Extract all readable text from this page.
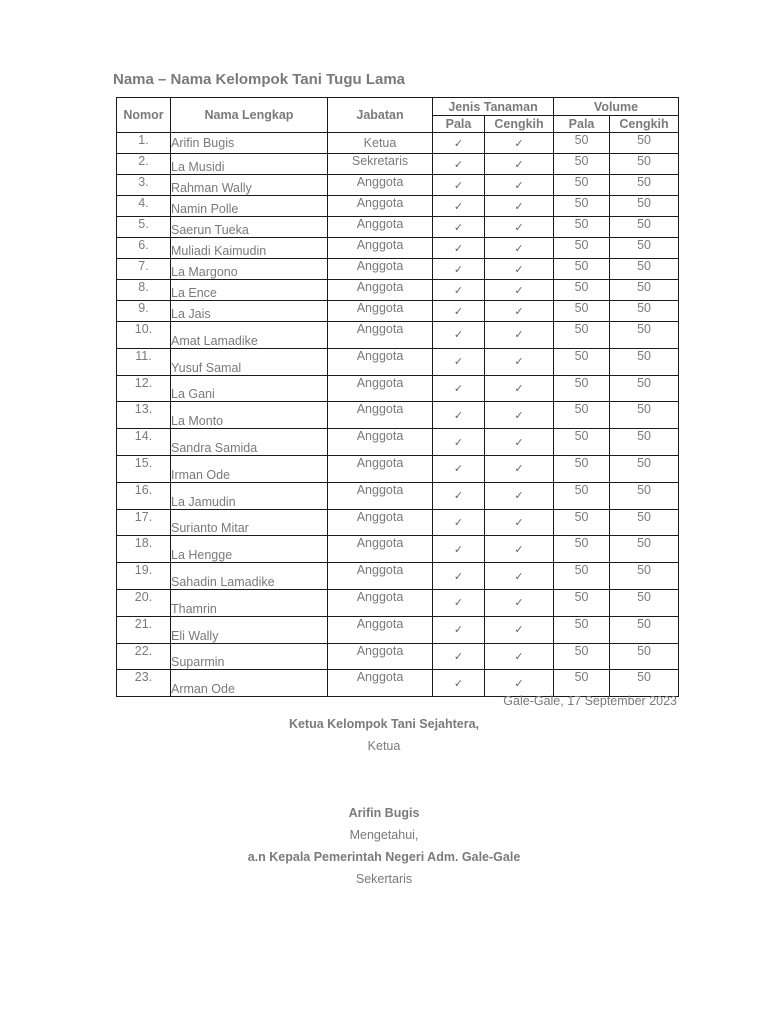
Nama – Nama Kelompok Tani Tugu Lama
Nomor	Nama Lengkap	Jabatan	Jenis Tanaman		Volume	
			Pala	Cengkih	Pala	Cengkih
1.	Arifin Bugis	Ketua	✓	✓	50	50
2.	La Musidi	Sekretaris	✓	✓	50	50
3.	Rahman Wally	Anggota	✓	✓	50	50
4.	Namin Polle	Anggota	✓	✓	50	50
5.	Saerun Tueka	Anggota	✓	✓	50	50
6.	Muliadi Kaimudin	Anggota	✓	✓	50	50
7.	La Margono	Anggota	✓	✓	50	50
8.	La Ence	Anggota	✓	✓	50	50
9.	La Jais	Anggota	✓	✓	50	50
10.	Amat Lamadike	Anggota	✓	✓	50	50
11.	Yusuf Samal	Anggota	✓	✓	50	50
12.	La Gani	Anggota	✓	✓	50	50
13.	La Monto	Anggota	✓	✓	50	50
14.	Sandra Samida	Anggota	✓	✓	50	50
15.	Irman Ode	Anggota	✓	✓	50	50
16.	La Jamudin	Anggota	✓	✓	50	50
17.	Surianto Mitar	Anggota	✓	✓	50	50
18.	La Hengge	Anggota	✓	✓	50	50
19.	Sahadin Lamadike	Anggota	✓	✓	50	50
20.	Thamrin	Anggota	✓	✓	50	50
21.	Eli Wally	Anggota	✓	✓	50	50
22.	Suparmin	Anggota	✓	✓	50	50
23.	Arman Ode	Anggota	✓	✓	50	50
Gale-Gale, 17 September 2023
Ketua Kelompok Tani Sejahtera,
Ketua
Arifin Bugis
Mengetahui,
a.n Kepala Pemerintah Negeri Adm. Gale-Gale
Sekertaris
